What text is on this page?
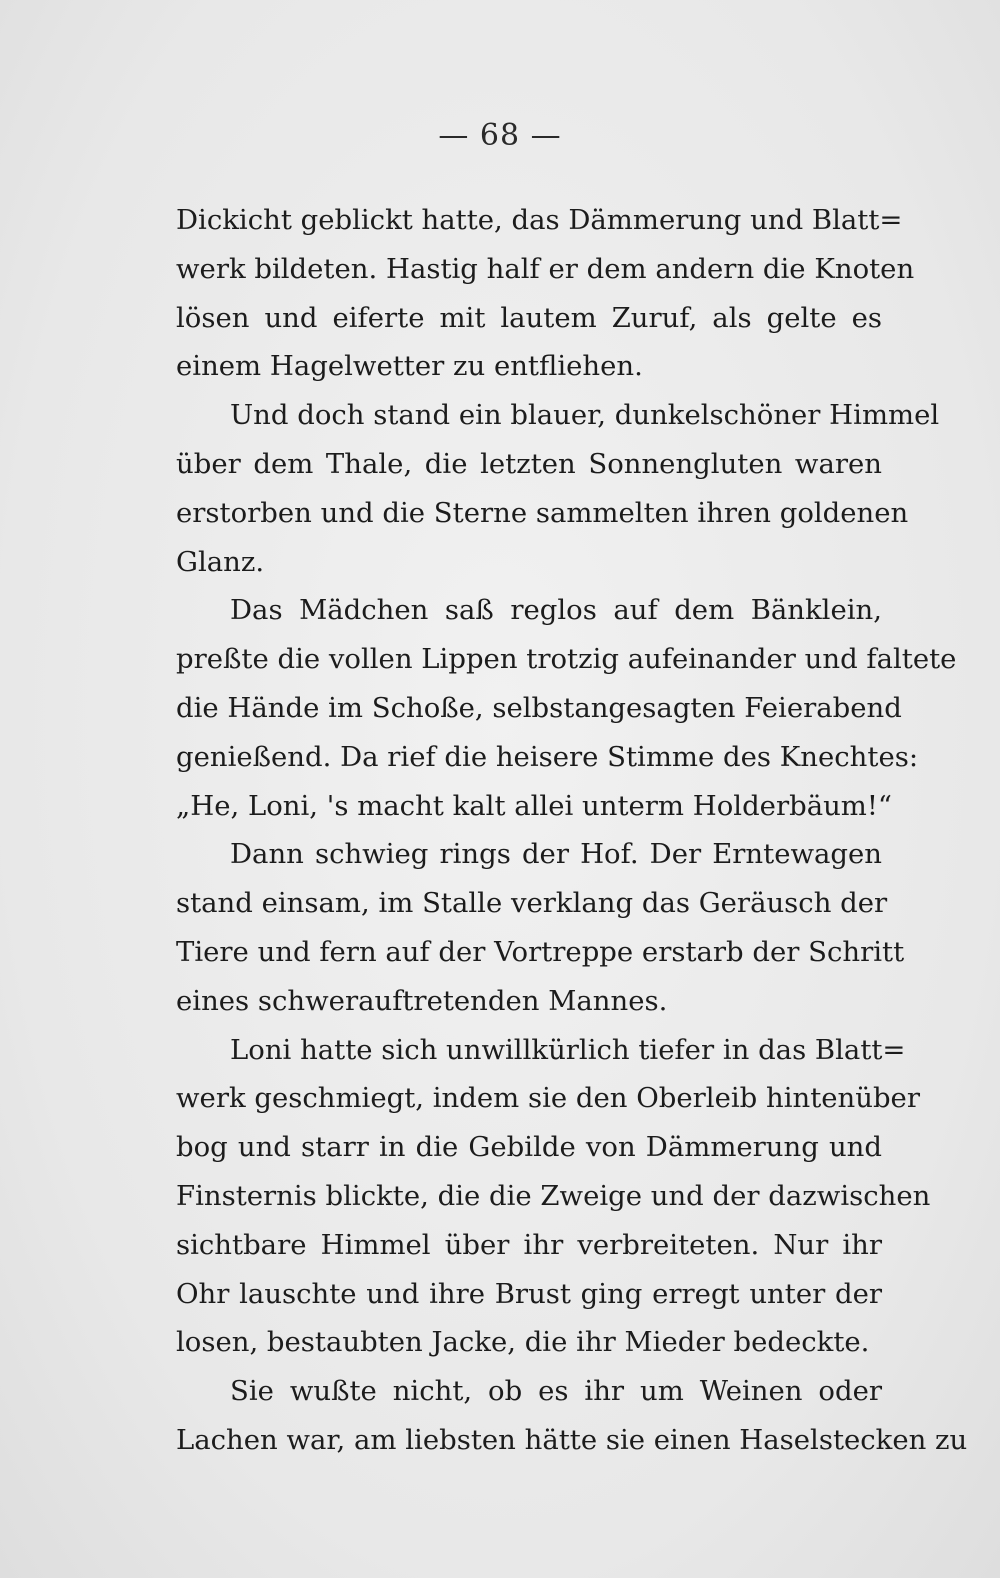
— 68 —

Dickicht geblickt hatte, das Dämmerung und Blatt=

werk bildeten. Hastig half er dem andern die Knoten

lösen und eiferte mit lautem Zuruf, als gelte es

einem Hagelwetter zu entfliehen.

Und doch stand ein blauer, dunkelschöner Himmel

über dem Thale, die letzten Sonnengluten waren

erstorben und die Sterne sammelten ihren goldenen

Glanz.

Das Mädchen saß reglos auf dem Bänklein,

preßte die vollen Lippen trotzig aufeinander und faltete

die Hände im Schoße, selbstangesagten Feierabend

genießend. Da rief die heisere Stimme des Knechtes:

„He, Loni, 's macht kalt allei unterm Holderbäum!“

Dann schwieg rings der Hof. Der Erntewagen

stand einsam, im Stalle verklang das Geräusch der

Tiere und fern auf der Vortreppe erstarb der Schritt

eines schwerauftretenden Mannes.

Loni hatte sich unwillkürlich tiefer in das Blatt=

werk geschmiegt, indem sie den Oberleib hintenüber

bog und starr in die Gebilde von Dämmerung und

Finsternis blickte, die die Zweige und der dazwischen

sichtbare Himmel über ihr verbreiteten. Nur ihr

Ohr lauschte und ihre Brust ging erregt unter der

losen, bestaubten Jacke, die ihr Mieder bedeckte.

Sie wußte nicht, ob es ihr um Weinen oder

Lachen war, am liebsten hätte sie einen Haselstecken zu
